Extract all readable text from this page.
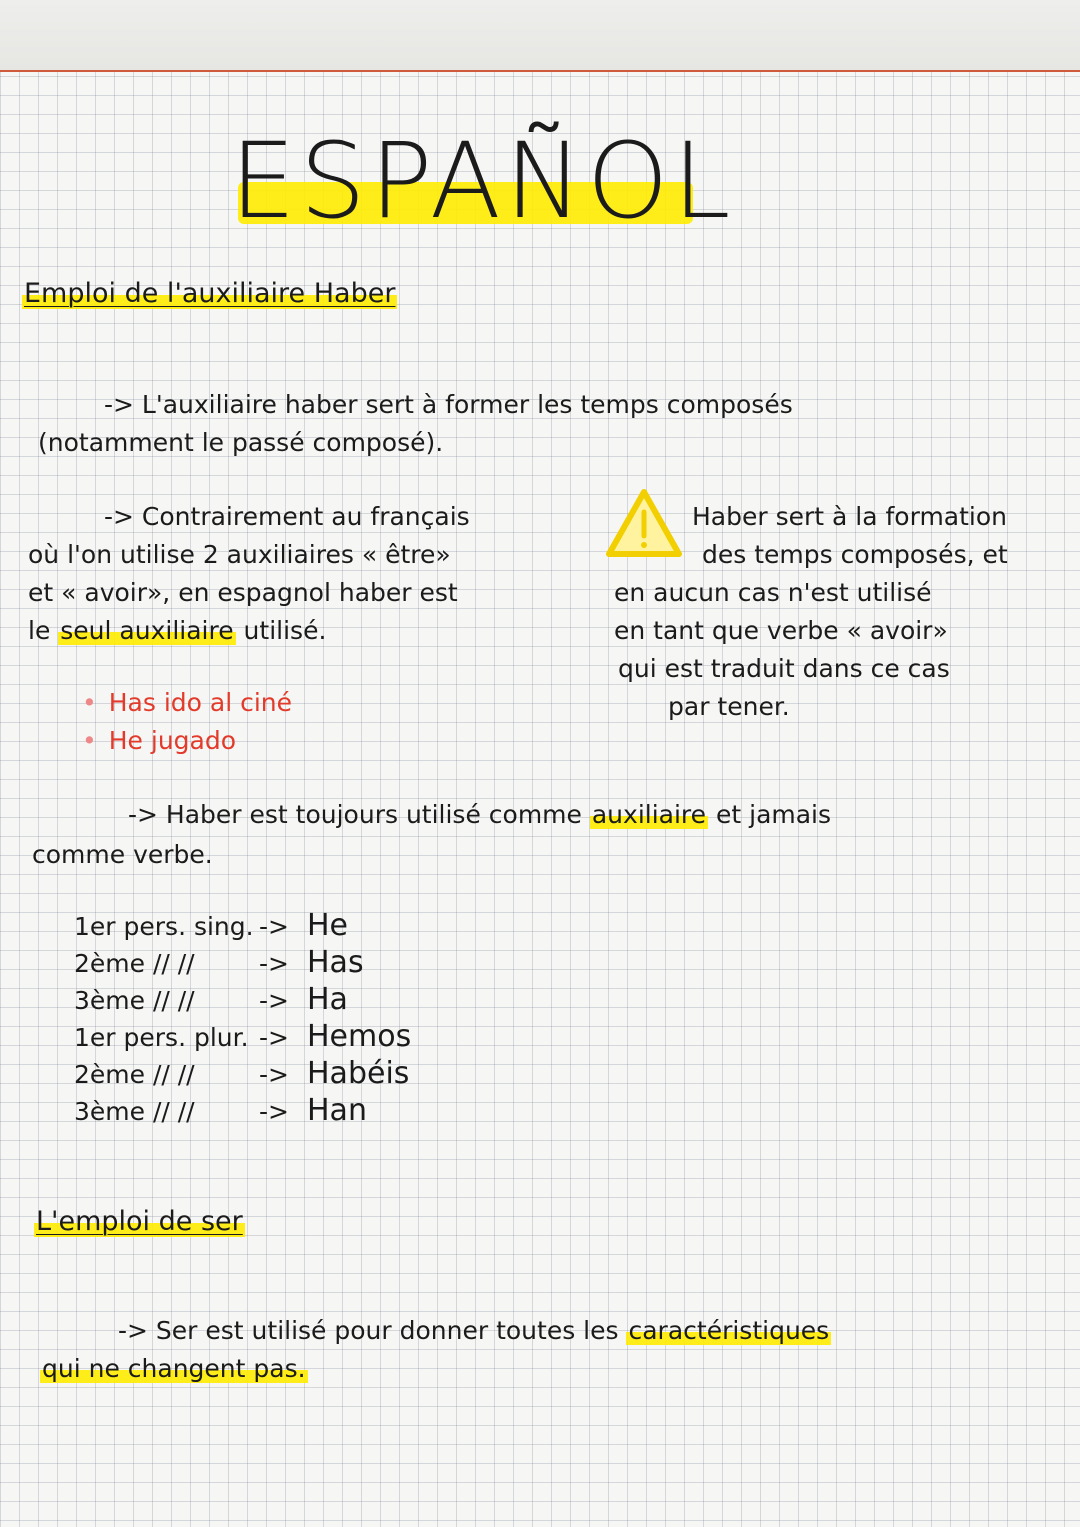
ESPAÑOL
Emploi de l'auxiliaire Haber
-> L'auxiliaire haber sert à former les temps composés
(notamment le passé composé).
-> Contrairement au français
où l'on utilise 2 auxiliaires « être»
et « avoir», en espagnol haber est
le seul auxiliaire utilisé.
Haber sert à la formation
des temps composés, et
en aucun cas n'est utilisé
en tant que verbe « avoir»
qui est traduit dans ce cas
par tener.
• Has ido al ciné
• He jugado
-> Haber est toujours utilisé comme auxiliaire et jamais
comme verbe.
1er pers. sing. -> He
2ème // //	-> Has
3ème // //	-> Ha
1er pers. plur. -> Hemos
2ème // //	-> Habéis
3ème // //	-> Han
L'emploi de ser
-> Ser est utilisé pour donner toutes les caractéristiques
qui ne changent pas.
